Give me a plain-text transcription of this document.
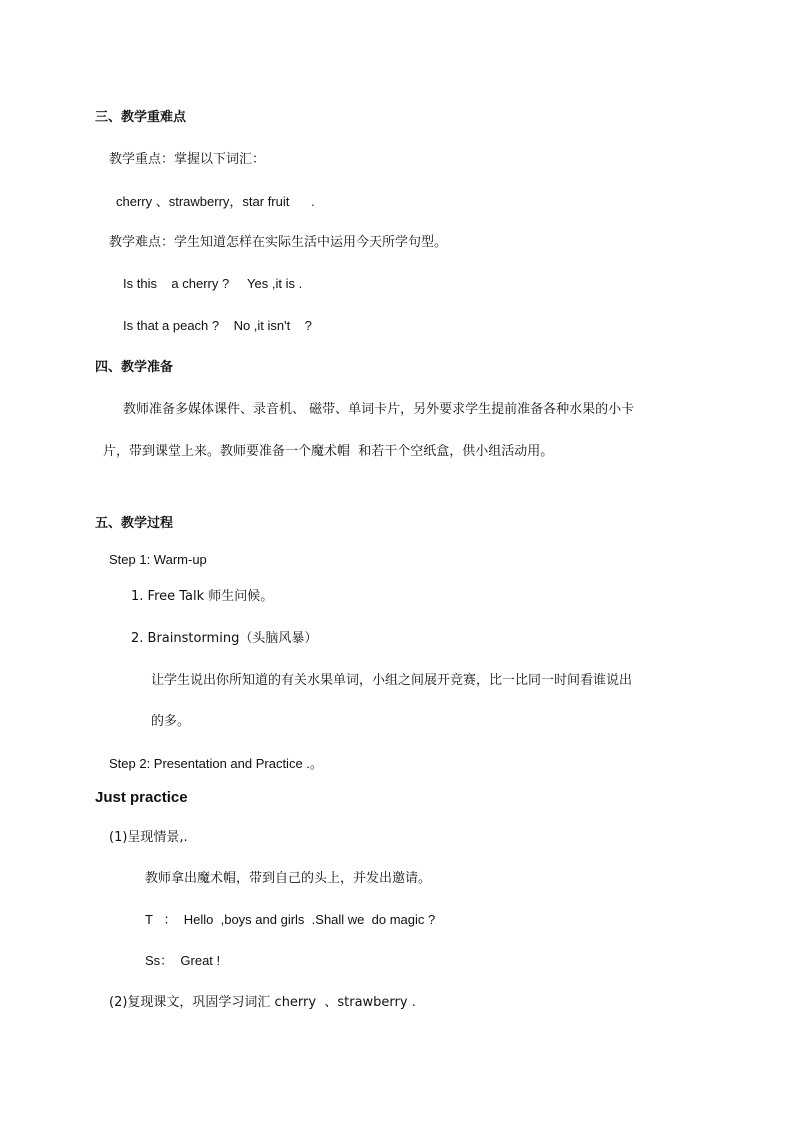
三、教学重难点
教学重点：掌握以下词汇：
cherry 、strawberry，star fruit      .
教学难点：学生知道怎样在实际生活中运用今天所学句型。
Is this    a cherry ?     Yes ,it is .
Is that a peach ?    No ,it isn't    ?
四、教学准备
教师准备多媒体课件、录音机、 磁带、单词卡片，另外要求学生提前准备各种水果的小卡
片，带到课堂上来。教师要准备一个魔术帽  和若干个空纸盒，供小组活动用。
五、教学过程
Step 1: Warm-up
1. Free Talk 师生问候。
2. Brainstorming（头脑风暴）
让学生说出你所知道的有关水果单词，小组之间展开竞赛，比一比同一时间看谁说出
的多。
Step 2: Presentation and Practice .。
Just practice
(1)呈现情景,.
教师拿出魔术帽，带到自己的头上，并发出邀请。
T   ：  Hello  ,boys and girls  .Shall we  do magic ?
Ss：  Great !
(2)复现课文，巩固学习词汇 cherry  、strawberry .
